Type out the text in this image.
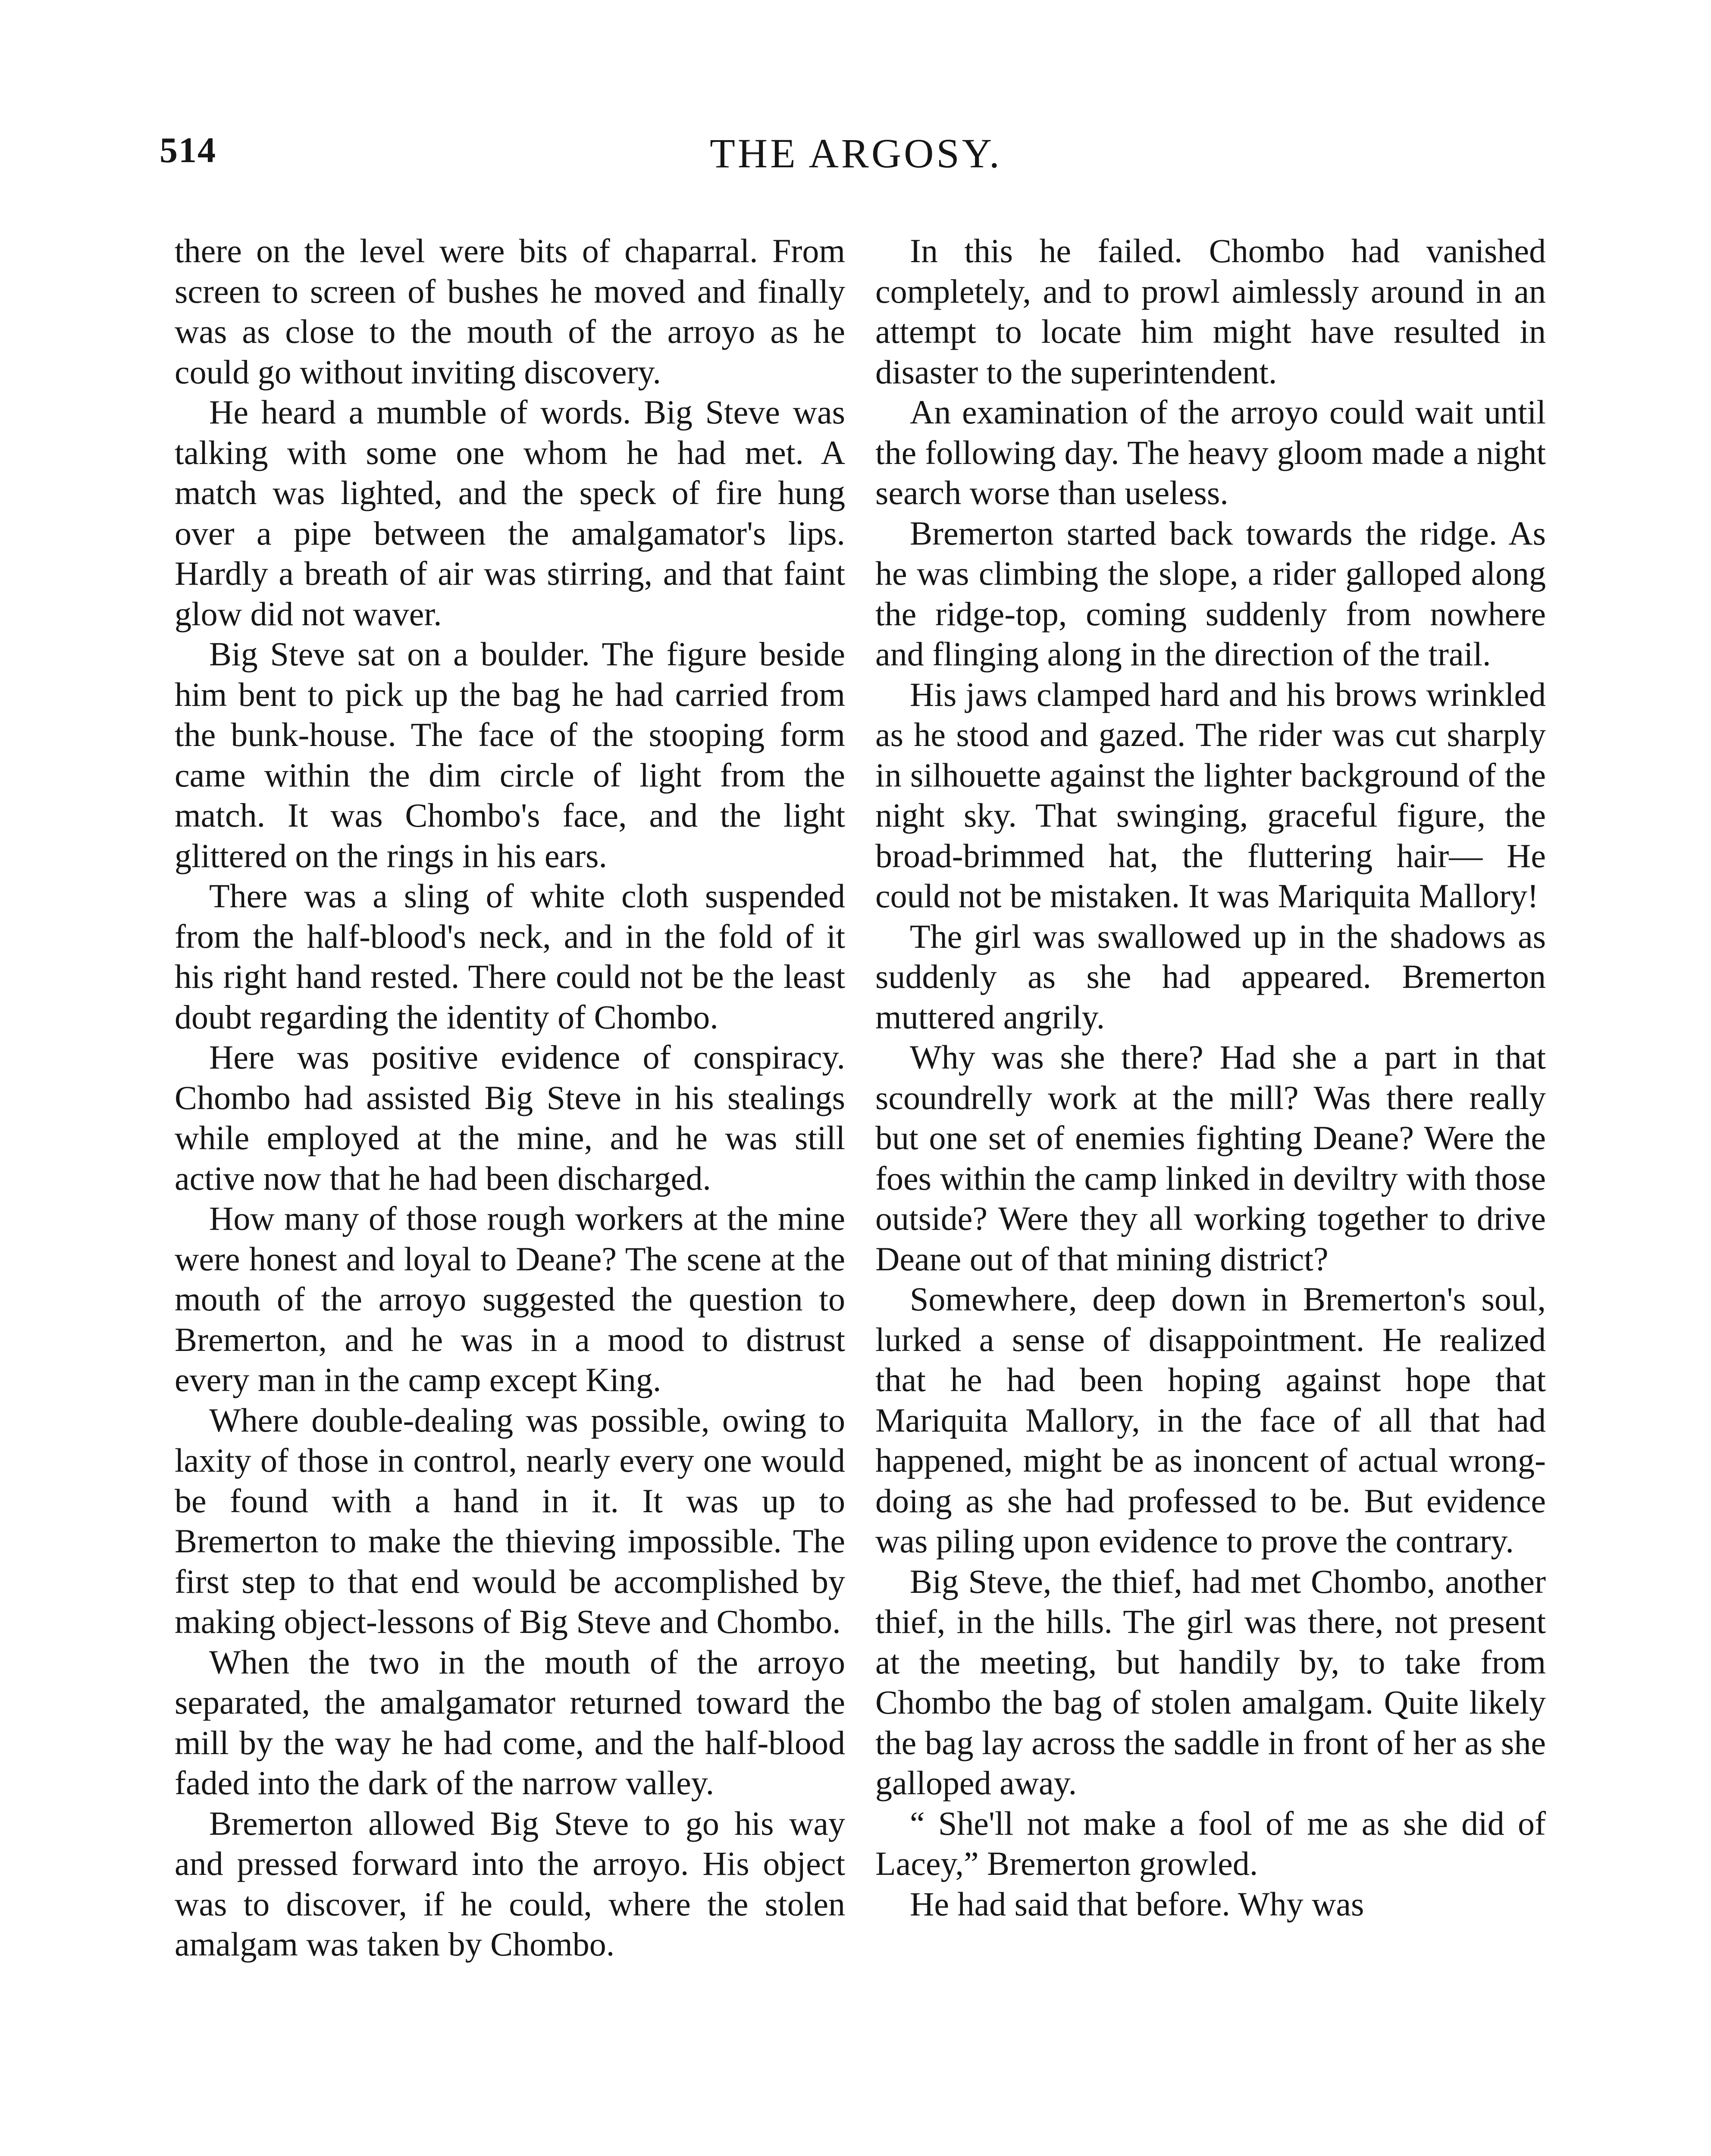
514	THE ARGOSY.

there on the level were bits of chaparral. From screen to screen of bushes he moved and finally was as close to the mouth of the arroyo as he could go without inviting discovery.

He heard a mumble of words. Big Steve was talking with some one whom he had met. A match was lighted, and the speck of fire hung over a pipe between the amalgamator's lips. Hardly a breath of air was stirring, and that faint glow did not waver.

Big Steve sat on a boulder. The figure beside him bent to pick up the bag he had carried from the bunk-house. The face of the stooping form came within the dim circle of light from the match. It was Chombo's face, and the light glittered on the rings in his ears.

There was a sling of white cloth suspended from the half-blood's neck, and in the fold of it his right hand rested. There could not be the least doubt regarding the identity of Chombo.

Here was positive evidence of conspiracy. Chombo had assisted Big Steve in his stealings while employed at the mine, and he was still active now that he had been discharged.

How many of those rough workers at the mine were honest and loyal to Deane? The scene at the mouth of the arroyo suggested the question to Bremerton, and he was in a mood to distrust every man in the camp except King.

Where double-dealing was possible, owing to laxity of those in control, nearly every one would be found with a hand in it. It was up to Bremerton to make the thieving impossible. The first step to that end would be accomplished by making object-lessons of Big Steve and Chombo.

When the two in the mouth of the arroyo separated, the amalgamator returned toward the mill by the way he had come, and the half-blood faded into the dark of the narrow valley.

Bremerton allowed Big Steve to go his way and pressed forward into the arroyo. His object was to discover, if he could, where the stolen amalgam was taken by Chombo.

In this he failed. Chombo had vanished completely, and to prowl aimlessly around in an attempt to locate him might have resulted in disaster to the superintendent.

An examination of the arroyo could wait until the following day. The heavy gloom made a night search worse than useless.

Bremerton started back towards the ridge. As he was climbing the slope, a rider galloped along the ridge-top, coming suddenly from nowhere and flinging along in the direction of the trail.

His jaws clamped hard and his brows wrinkled as he stood and gazed. The rider was cut sharply in silhouette against the lighter background of the night sky. That swinging, graceful figure, the broad-brimmed hat, the fluttering hair— He could not be mistaken. It was Mariquita Mallory!

The girl was swallowed up in the shadows as suddenly as she had appeared. Bremerton muttered angrily.

Why was she there? Had she a part in that scoundrelly work at the mill? Was there really but one set of enemies fighting Deane? Were the foes within the camp linked in deviltry with those outside? Were they all working together to drive Deane out of that mining district?

Somewhere, deep down in Bremerton's soul, lurked a sense of disappointment. He realized that he had been hoping against hope that Mariquita Mallory, in the face of all that had happened, might be as inoncent of actual wrong-doing as she had professed to be. But evidence was piling upon evidence to prove the contrary.

Big Steve, the thief, had met Chombo, another thief, in the hills. The girl was there, not present at the meeting, but handily by, to take from Chombo the bag of stolen amalgam. Quite likely the bag lay across the saddle in front of her as she galloped away.

“ She'll not make a fool of me as she did of Lacey,” Bremerton growled.

He had said that before. Why was
